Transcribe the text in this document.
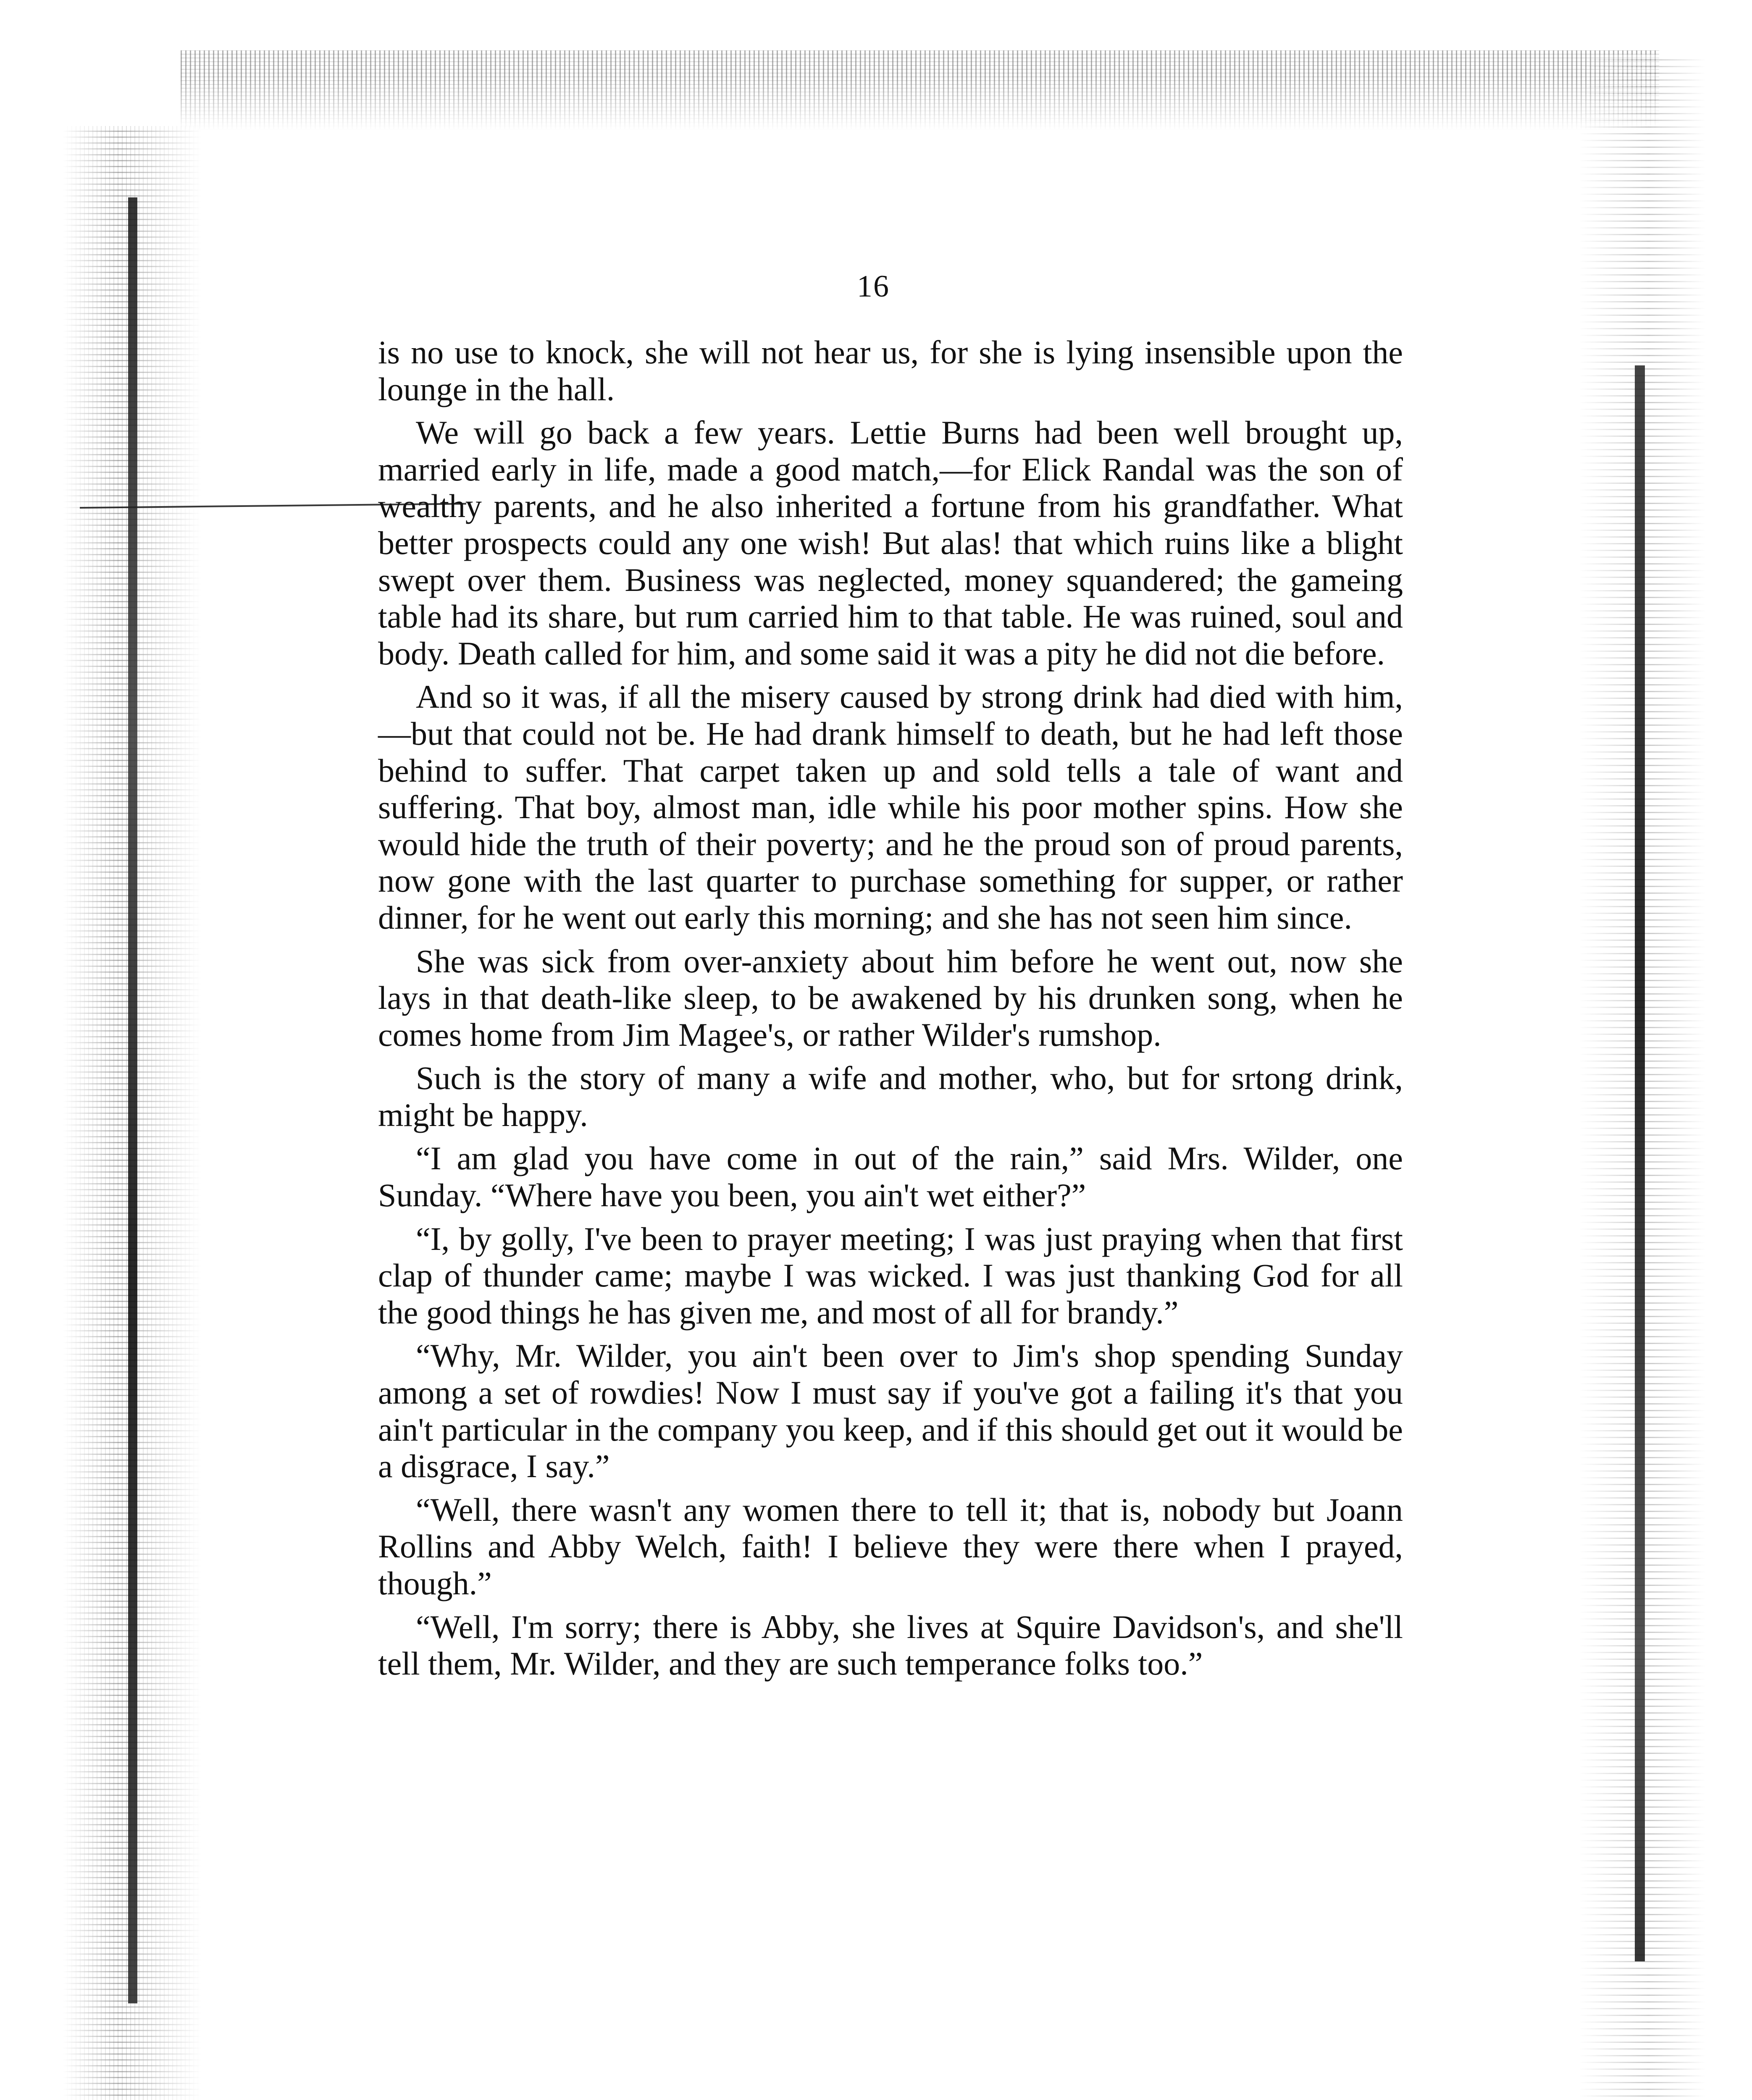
16

is no use to knock, she will not hear us, for she is lying insensible upon the lounge in the hall.

We will go back a few years. Lettie Burns had been well brought up, married early in life, made a good match,—for Elick Randal was the son of wealthy parents, and he also inherited a fortune from his grandfather. What better prospects could any one wish! But alas! that which ruins like a blight swept over them. Business was neglected, money squandered; the gameing table had its share, but rum carried him to that table. He was ruined, soul and body. Death called for him, and some said it was a pity he did not die before.

And so it was, if all the misery caused by strong drink had died with him,—but that could not be. He had drank himself to death, but he had left those behind to suffer. That carpet taken up and sold tells a tale of want and suffering. That boy, almost man, idle while his poor mother spins. How she would hide the truth of their poverty; and he the proud son of proud parents, now gone with the last quarter to purchase something for supper, or rather dinner, for he went out early this morning; and she has not seen him since.

She was sick from over-anxiety about him before he went out, now she lays in that death-like sleep, to be awakened by his drunken song, when he comes home from Jim Magee's, or rather Wilder's rumshop.

Such is the story of many a wife and mother, who, but for srtong drink, might be happy.

“I am glad you have come in out of the rain,” said Mrs. Wilder, one Sunday. “Where have you been, you ain't wet either?”

“I, by golly, I've been to prayer meeting; I was just praying when that first clap of thunder came; maybe I was wicked. I was just thanking God for all the good things he has given me, and most of all for brandy.”

“Why, Mr. Wilder, you ain't been over to Jim's shop spending Sunday among a set of rowdies! Now I must say if you've got a failing it's that you ain't particular in the company you keep, and if this should get out it would be a disgrace, I say.”

“Well, there wasn't any women there to tell it; that is, nobody but Joann Rollins and Abby Welch, faith! I believe they were there when I prayed, though.”

“Well, I'm sorry; there is Abby, she lives at Squire Davidson's, and she'll tell them, Mr. Wilder, and they are such temperance folks too.”
